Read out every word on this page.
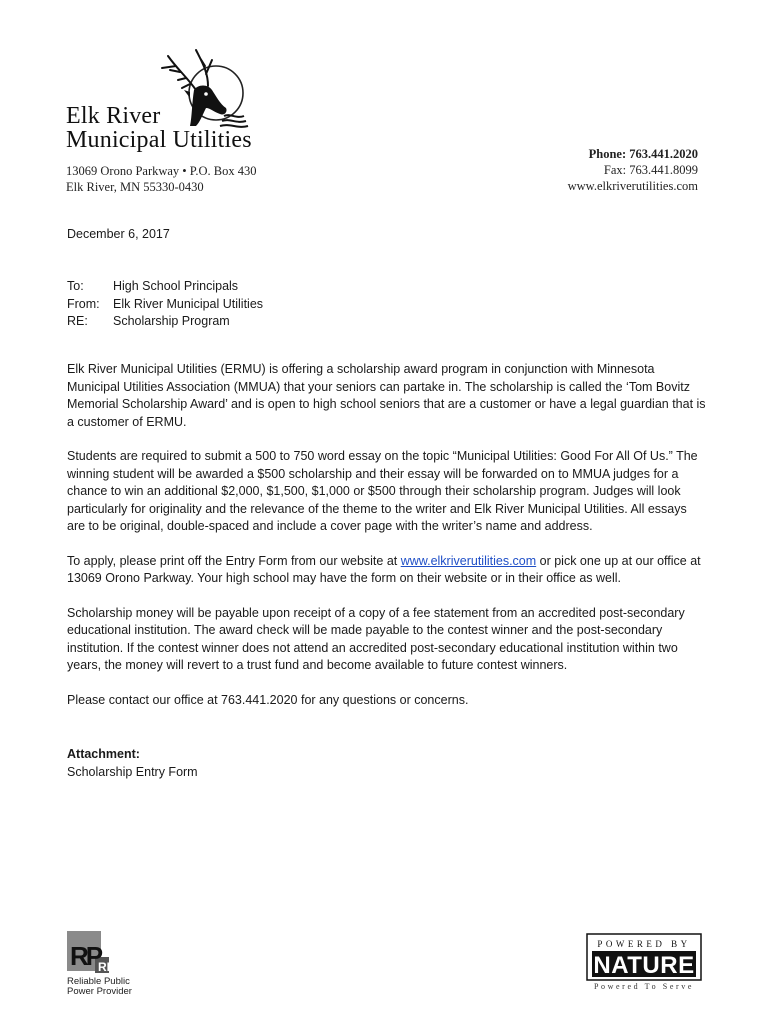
Elk River
Municipal Utilities
13069 Orono Parkway • P.O. Box 430
Elk River, MN 55330-0430
Phone: 763.441.2020
Fax: 763.441.8099
www.elkriverutilities.com
December 6, 2017
To:	High School Principals
From:	Elk River Municipal Utilities
RE:	Scholarship Program

Elk River Municipal Utilities (ERMU) is offering a scholarship award program in conjunction with Minnesota Municipal Utilities Association (MMUA) that your seniors can partake in. The scholarship is called the ‘Tom Bovitz Memorial Scholarship Award’ and is open to high school seniors that are a customer or have a legal guardian that is a customer of ERMU.

Students are required to submit a 500 to 750 word essay on the topic “Municipal Utilities: Good For All Of Us.” The winning student will be awarded a $500 scholarship and their essay will be forwarded on to MMUA judges for a chance to win an additional $2,000, $1,500, $1,000 or $500 through their scholarship program. Judges will look particularly for originality and the relevance of the theme to the writer and Elk River Municipal Utilities. All essays are to be original, double-spaced and include a cover page with the writer’s name and address.

To apply, please print off the Entry Form from our website at www.elkriverutilities.com or pick one up at our office at 13069 Orono Parkway. Your high school may have the form on their website or in their office as well.

Scholarship money will be payable upon receipt of a copy of a fee statement from an accredited post-secondary educational institution. The award check will be made payable to the contest winner and the post-secondary institution. If the contest winner does not attend an accredited post-secondary educational institution within two years, the money will revert to a trust fund and become available to future contest winners.

Please contact our office at 763.441.2020 for any questions or concerns.

Attachment:
Scholarship Entry Form
RP
RP3
Reliable Public
Power Provider
POWERED BY
NATURE
Powered To Serve
